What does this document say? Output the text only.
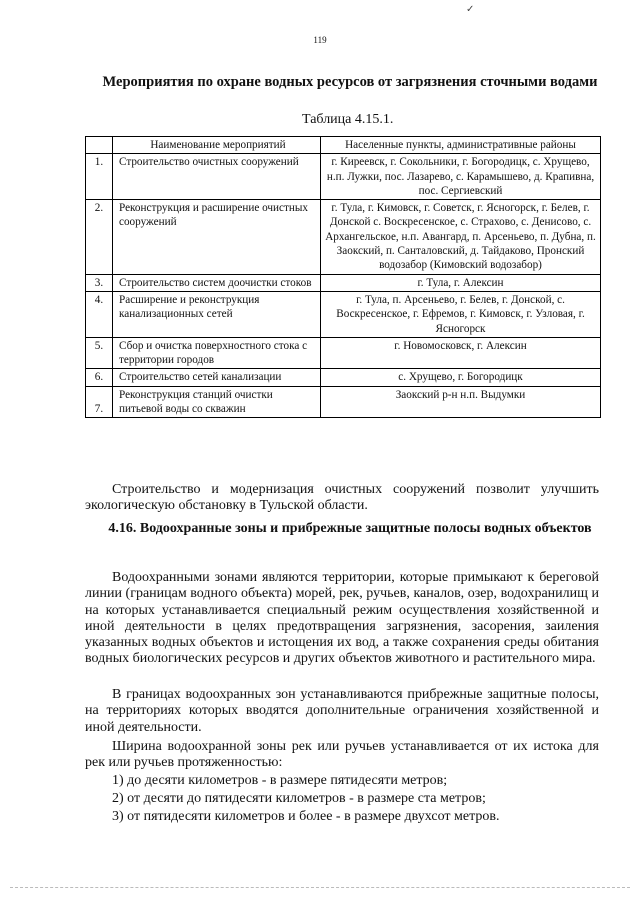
✓
119
Мероприятия по охране водных ресурсов от загрязнения сточными водами
Таблица 4.15.1.
	Наименование мероприятий	Населенные пункты, административные районы
1.	Строительство очистных сооружений	г. Киреевск, г. Сокольники, г. Богородицк, с. Хрущево, н.п. Лужки, пос. Лазарево, с. Карамышево, д. Крапивна, пос. Сергиевский
2.	Реконструкция и расширение очистных сооружений	г. Тула, г. Кимовск, г. Советск, г. Ясногорск, г. Белев, г. Донской с. Воскресенское, с. Страхово, с. Денисово, с. Архангельское, н.п. Авангард, п. Арсеньево, п. Дубна, п. Заокский, п. Санталовский, д. Тайдаково, Пронский водозабор (Кимовский водозабор)
3.	Строительство систем доочистки стоков	г. Тула, г. Алексин
4.	Расширение и реконструкция канализационных сетей	г. Тула, п. Арсеньево, г. Белев, г. Донской, с. Воскресенское, г. Ефремов, г. Кимовск, г. Узловая, г. Ясногорск
5.	Сбор и очистка поверхностного стока с территории городов	г. Новомосковск, г. Алексин
6.	Строительство сетей канализации	с. Хрущево, г. Богородицк
7.	Реконструкция станций очистки питьевой воды со скважин	Заокский р-н н.п. Выдумки
Строительство и модернизация очистных сооружений позволит улучшить экологическую обстановку в Тульской области.
4.16. Водоохранные зоны и прибрежные защитные полосы водных объектов
Водоохранными зонами являются территории, которые примыкают к береговой линии (границам водного объекта) морей, рек, ручьев, каналов, озер, водохранилищ и на которых устанавливается специальный режим осуществления хозяйственной и иной деятельности в целях предотвращения загрязнения, засорения, заиления указанных водных объектов и истощения их вод, а также сохранения среды обитания водных биологических ресурсов и других объектов животного и растительного мира.
В границах водоохранных зон устанавливаются прибрежные защитные полосы, на территориях которых вводятся дополнительные ограничения хозяйственной и иной деятельности.
Ширина водоохранной зоны рек или ручьев устанавливается от их истока для рек или ручьев протяженностью:
1) до десяти километров - в размере пятидесяти метров;
2) от десяти до пятидесяти километров - в размере ста метров;
3) от пятидесяти километров и более - в размере двухсот метров.
